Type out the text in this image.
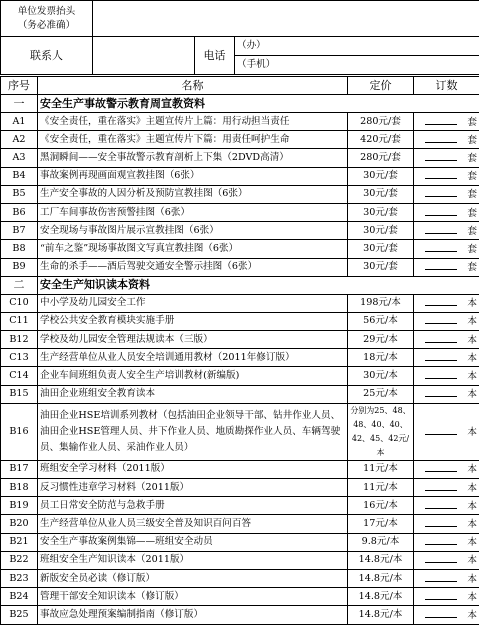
单位发票抬头
（务必准确）			

联系人		电话	（办）
			（手机）
序号	名称	定价	订数
一	安全生产事故警示教育周宣教资料		
A1	《安全责任，重在落实》主题宣传片上篇：用行动担当责任	280元/套	套
A2	《安全责任，重在落实》主题宣传片下篇：用责任呵护生命	420元/套	套
A3	黑洞瞬间——安全事故警示教育剖析上下集（2DVD高清）	280元/套	套
B4	事故案例再现画面观宣教挂图（6张）	30元/套	套
B5	生产安全事故的人因分析及预防宣教挂图（6张）	30元/套	套
B6	工厂车间事故伤害预警挂图（6张）	30元/套	套
B7	安全现场与事故图片展示宣教挂图（6张）	30元/套	套
B8	“前车之鉴”现场事故图文写真宣教挂图（6张）	30元/套	套
B9	生命的杀手——酒后驾驶交通安全警示挂图（6张）	30元/套	套
二	安全生产知识读本资料		
C10	中小学及幼儿园安全工作	198元/本	本
C11	学校公共安全教育模块实施手册	56元/本	本
B12	学校及幼儿园安全管理法规读本（三版）	29元/本	本
C13	生产经营单位从业人员安全培训通用教材（2011年修订版）	18元/本	本
C14	企业车间班组负责人安全生产培训教材(新编版)	30元/本	本
B15	油田企业班组安全教育读本	25元/本	本
B16	油田企业HSE培训系列教材（包括油田企业领导干部、钻井作业人员、油田企业HSE管理人员、井下作业人员、地质勘探作业人员、车辆驾驶员、集输作业人员、采油作业人员）	分别为25、48、48、40、40、42、45、42元/本	本
B17	班组安全学习材料（2011版）	11元/本	本
B18	反习惯性违章学习材料（2011版）	11元/本	本
B19	员工日常安全防范与急救手册	16元/本	本
B20	生产经营单位从业人员三级安全普及知识百问百答	17元/本	本
B21	安全生产事故案例集锦——班组安全动员	9.8元/本	本
B22	班组安全生产知识读本（2011版）	14.8元/本	本
B23	新版安全员必读（修订版）	14.8元/本	本
B24	管理干部安全知识读本（修订版）	14.8元/本	本
B25	事故应急处理预案编制指南（修订版）	14.8元/本	本
